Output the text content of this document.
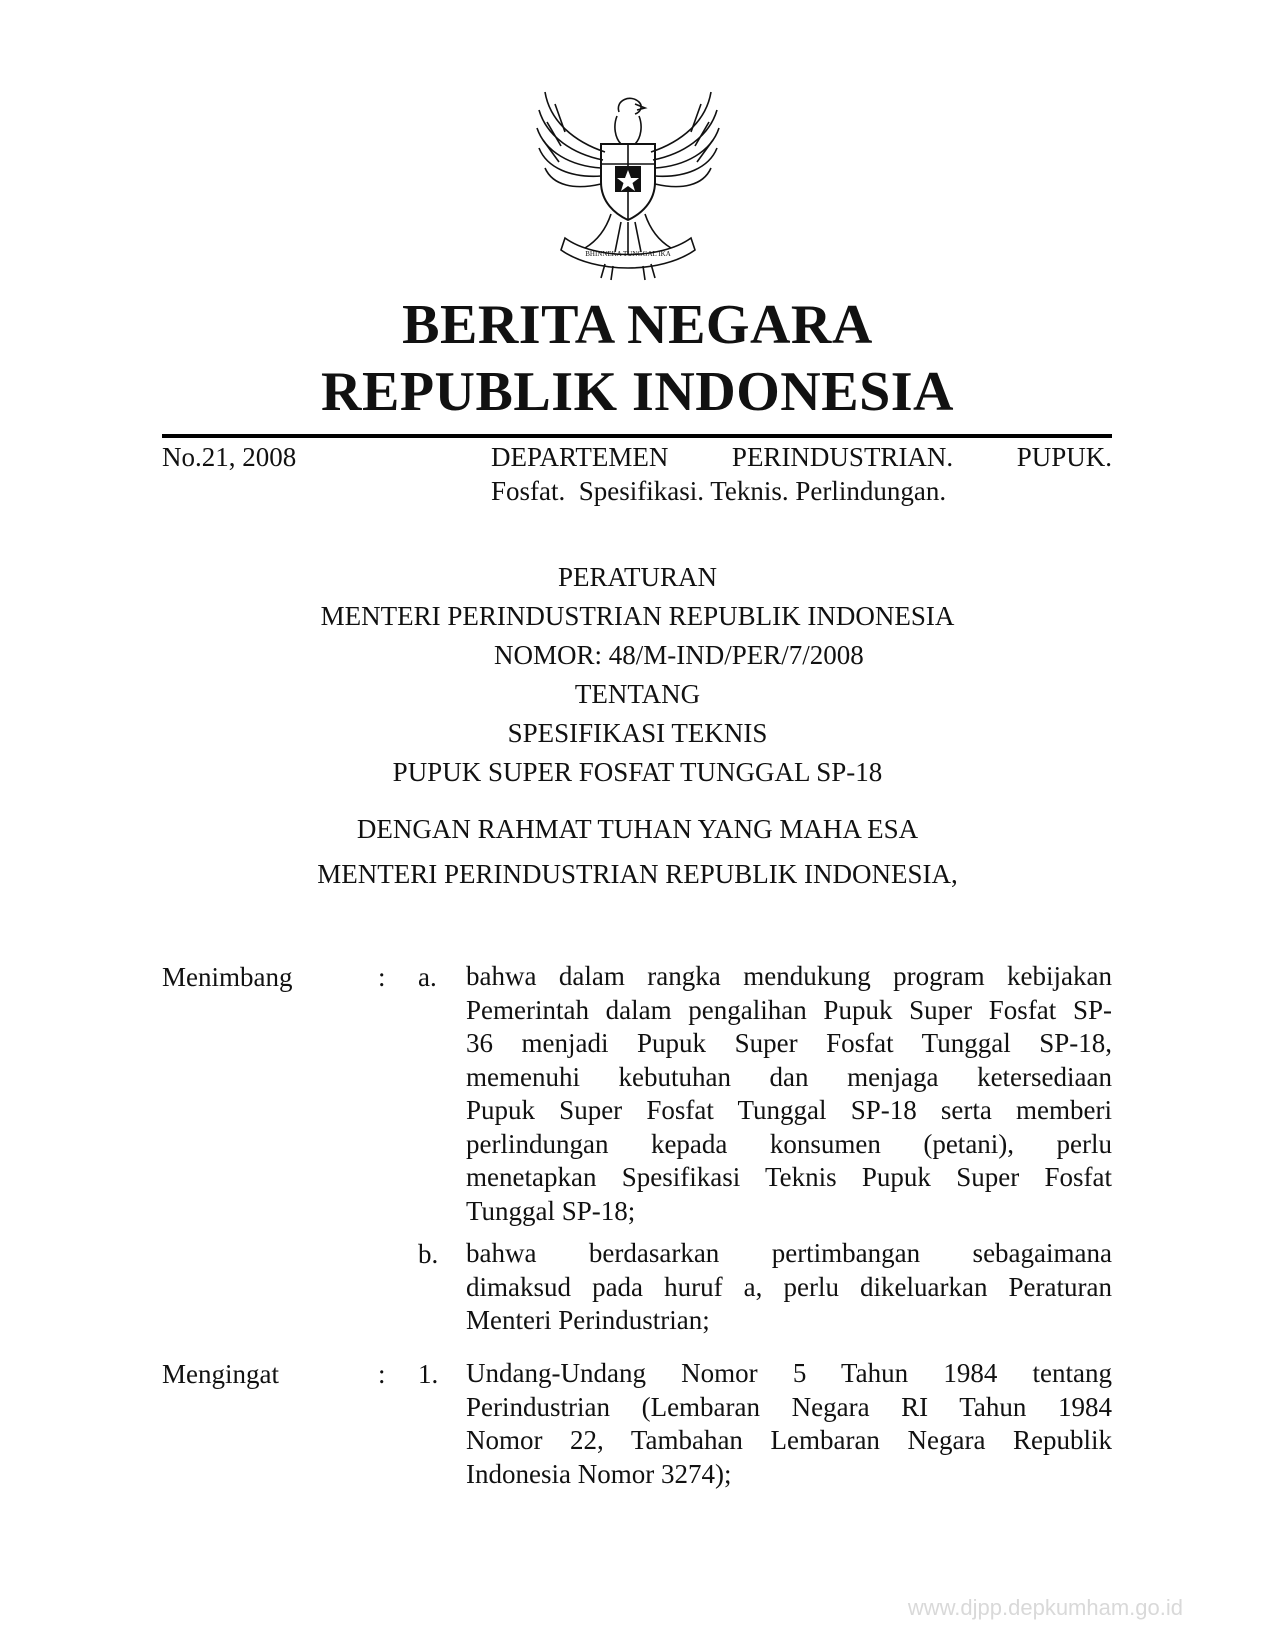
BHINNEKA TUNGGAL IKA
BERITA NEGARA
REPUBLIK INDONESIA
No.21, 2008	DEPARTEMEN PERINDUSTRIAN. PUPUK.
Fosfat.  Spesifikasi. Teknis. Perlindungan.
PERATURAN
MENTERI PERINDUSTRIAN REPUBLIK INDONESIA
NOMOR: 48/M-IND/PER/7/2008
TENTANG
SPESIFIKASI TEKNIS
PUPUK SUPER FOSFAT TUNGGAL SP-18
DENGAN RAHMAT TUHAN YANG MAHA ESA
MENTERI PERINDUSTRIAN REPUBLIK INDONESIA,
Menimbang	: a. bahwa dalam rangka mendukung program kebijakan
Pemerintah dalam pengalihan Pupuk Super Fosfat SP-
36 menjadi Pupuk Super Fosfat Tunggal SP-18,
memenuhi kebutuhan dan menjaga ketersediaan
Pupuk Super Fosfat Tunggal SP-18 serta memberi
perlindungan kepada konsumen (petani), perlu
menetapkan Spesifikasi Teknis Pupuk Super Fosfat
Tunggal SP-18;
b. bahwa berdasarkan pertimbangan sebagaimana
dimaksud pada huruf a, perlu dikeluarkan Peraturan
Menteri Perindustrian;
Mengingat	: 1. Undang-Undang Nomor 5 Tahun 1984 tentang
Perindustrian (Lembaran Negara RI Tahun 1984
Nomor 22, Tambahan Lembaran Negara Republik
Indonesia Nomor 3274);
www.djpp.depkumham.go.id
